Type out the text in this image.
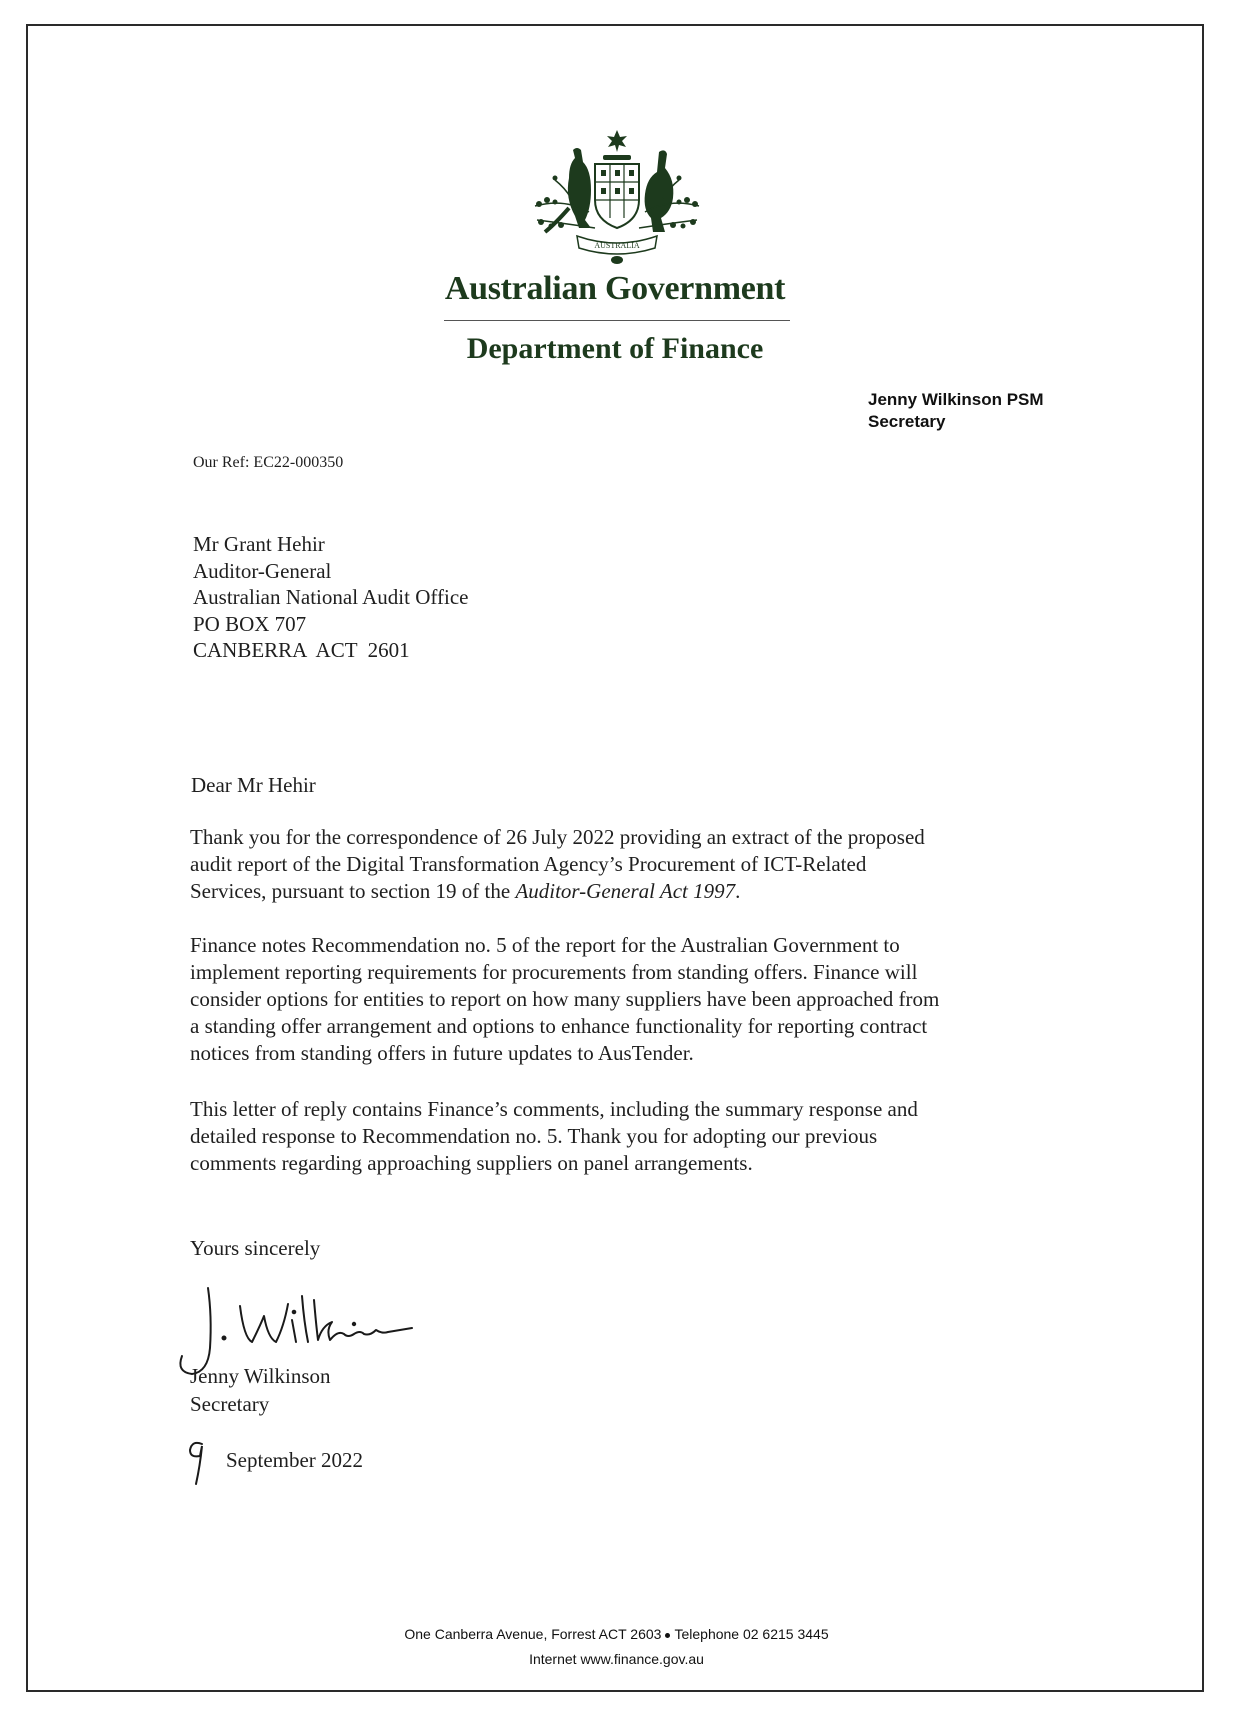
AUSTRALIA
Australian Government
Department of Finance
Jenny Wilkinson PSM
Secretary
Our Ref: EC22-000350
Mr Grant Hehir
Auditor-General
Australian National Audit Office
PO BOX 707
CANBERRA  ACT  2601
Dear Mr Hehir
Thank you for the correspondence of 26 July 2022 providing an extract of the proposed
audit report of the Digital Transformation Agency’s Procurement of ICT-Related
Services, pursuant to section 19 of the Auditor-General Act 1997.
Finance notes Recommendation no. 5 of the report for the Australian Government to
implement reporting requirements for procurements from standing offers. Finance will
consider options for entities to report on how many suppliers have been approached from
a standing offer arrangement and options to enhance functionality for reporting contract
notices from standing offers in future updates to AusTender.
This letter of reply contains Finance’s comments, including the summary response and
detailed response to Recommendation no. 5. Thank you for adopting our previous
comments regarding approaching suppliers on panel arrangements.
Yours sincerely
Jenny Wilkinson
Secretary
September 2022
One Canberra Avenue, Forrest ACT 2603 Telephone 02 6215 3445
Internet www.finance.gov.au
